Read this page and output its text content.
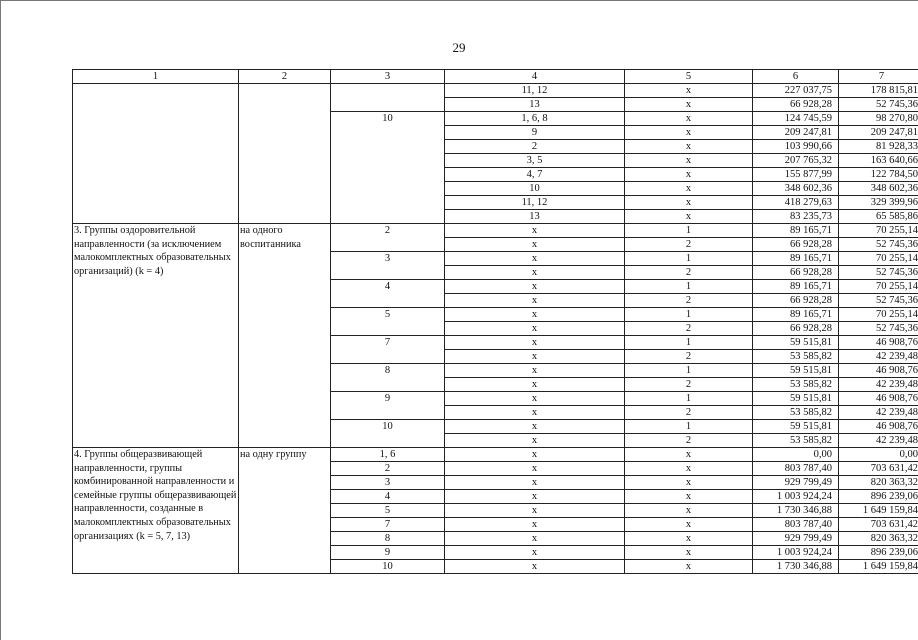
29
1	2	3	4	5	6	7
			11, 12	х	227 037,75	178 815,81
			13	х	66 928,28	52 745,36
		10	1, 6, 8	х	124 745,59	98 270,80
			9	х	209 247,81	209 247,81
			2	х	103 990,66	81 928,33
			3, 5	х	207 765,32	163 640,66
			4, 7	х	155 877,99	122 784,50
			10	х	348 602,36	348 602,36
			11, 12	х	418 279,63	329 399,96
			13	х	83 235,73	65 585,86
3. Группы оздоровительной направленности (за исключением малокомплектных образовательных организаций) (k = 4)	на одного воспитанника	2	х	1	89 165,71	70 255,14
			х	2	66 928,28	52 745,36
		3	х	1	89 165,71	70 255,14
			х	2	66 928,28	52 745,36
		4	х	1	89 165,71	70 255,14
			х	2	66 928,28	52 745,36
		5	х	1	89 165,71	70 255,14
			х	2	66 928,28	52 745,36
		7	х	1	59 515,81	46 908,76
			х	2	53 585,82	42 239,48
		8	х	1	59 515,81	46 908,76
			х	2	53 585,82	42 239,48
		9	х	1	59 515,81	46 908,76
			х	2	53 585,82	42 239,48
		10	х	1	59 515,81	46 908,76
			х	2	53 585,82	42 239,48
4. Группы общеразвивающей направленности, группы комбинированной направленности и семейные группы общеразвивающей направленности, созданные в малокомплектных образовательных организациях (k = 5, 7, 13)	на одну группу	1, 6	х	х	0,00	0,00
		2	х	х	803 787,40	703 631,42
		3	х	х	929 799,49	820 363,32
		4	х	х	1 003 924,24	896 239,06
		5	х	х	1 730 346,88	1 649 159,84
		7	х	х	803 787,40	703 631,42
		8	х	х	929 799,49	820 363,32
		9	х	х	1 003 924,24	896 239,06
		10	х	х	1 730 346,88	1 649 159,84
